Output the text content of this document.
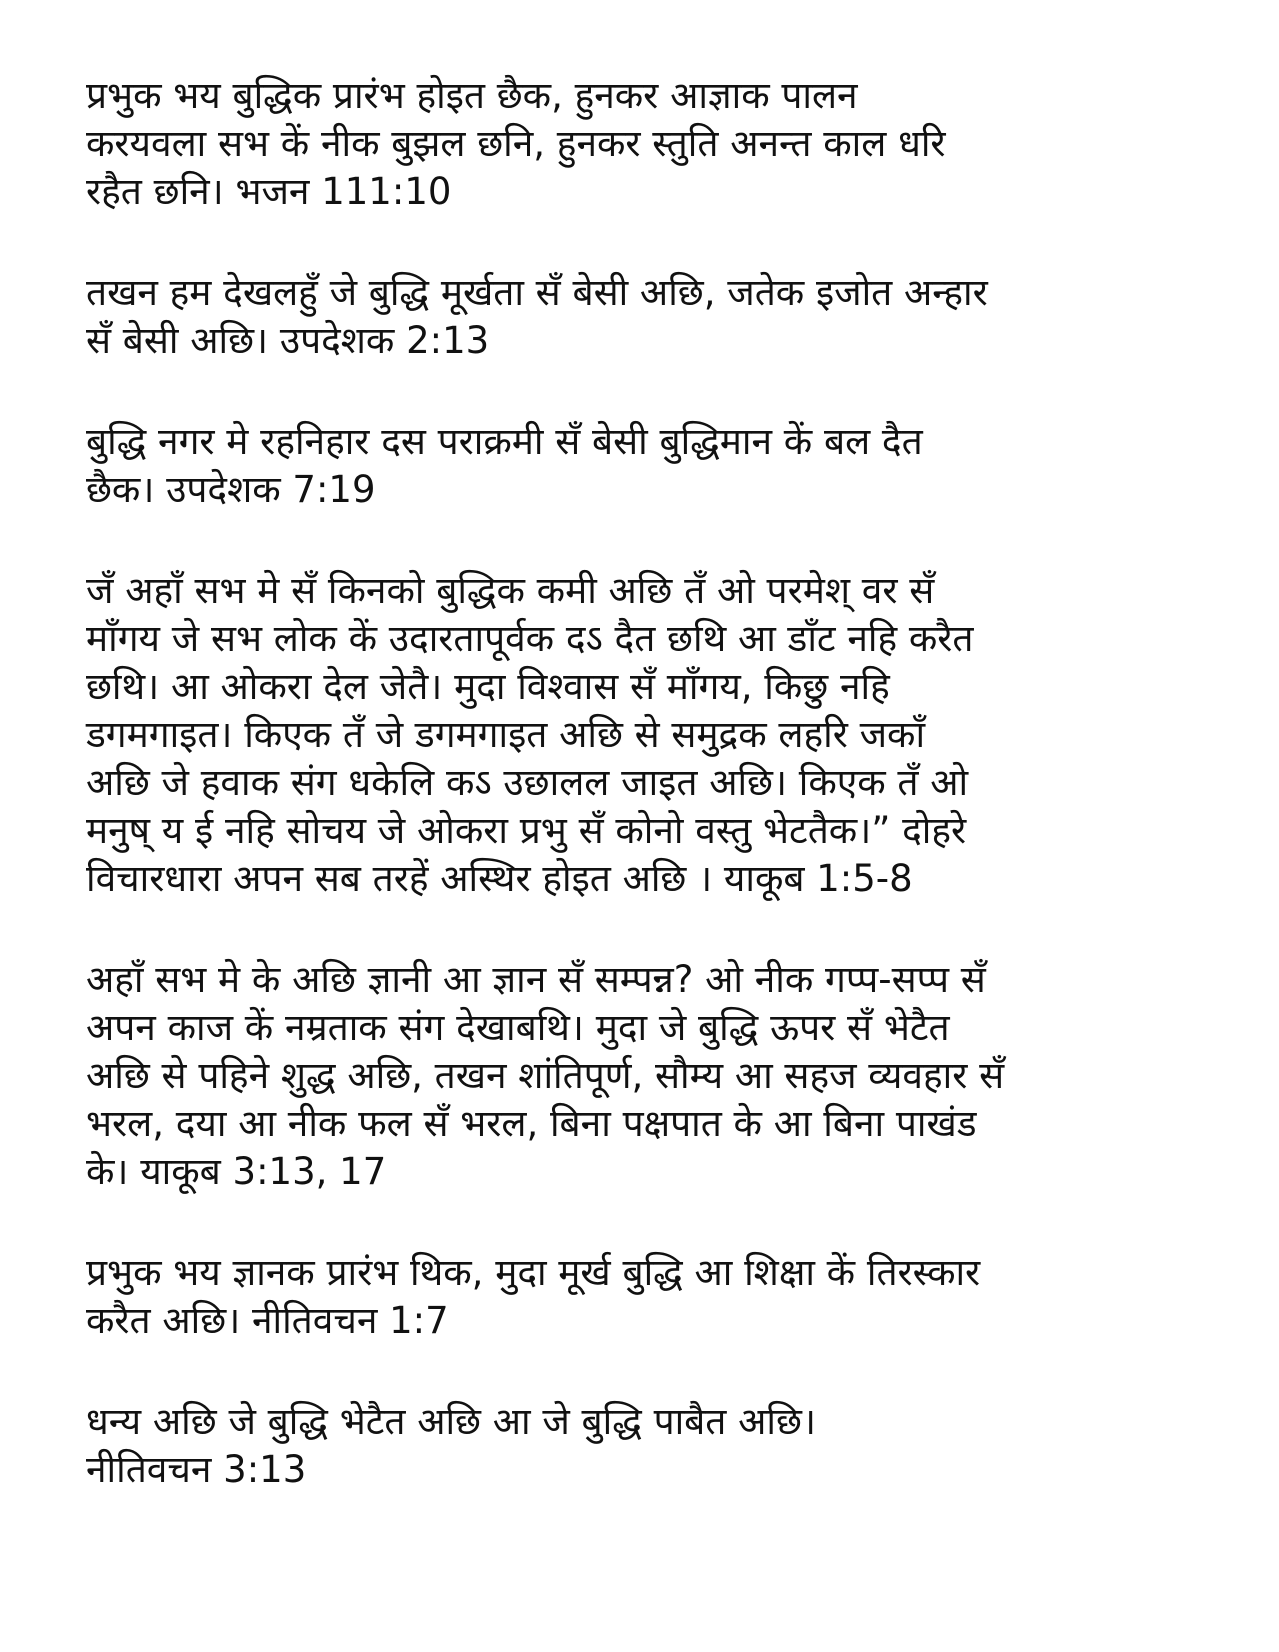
प्रभुक भय बुद्धिक प्रारंभ होइत छैक, हुनकर आज्ञाक पालन
करयवला सभ कें नीक बुझल छनि, हुनकर स्तुति अनन्त काल धरि
रहैत छनि। भजन 111:10

तखन हम देखलहुँ जे बुद्धि मूर्खता सँ बेसी अछि, जतेक इजोत अन्हार
सँ बेसी अछि। उपदेशक 2:13

बुद्धि नगर मे रहनिहार दस पराक्रमी सँ बेसी बुद्धिमान कें बल दैत
छैक। उपदेशक 7:19

जँ अहाँ सभ मे सँ किनको बुद्धिक कमी अछि तँ ओ परमेश् वर सँ
माँगय जे सभ लोक कें उदारतापूर्वक दऽ दैत छथि आ डाँट नहि करैत
छथि। आ ओकरा देल जेतै। मुदा विश्वास सँ माँगय, किछु नहि
डगमगाइत। किएक तँ जे डगमगाइत अछि से समुद्रक लहरि जकाँ
अछि जे हवाक संग धकेलि कऽ उछालल जाइत अछि। किएक तँ ओ
मनुष् य ई नहि सोचय जे ओकरा प्रभु सँ कोनो वस्तु भेटतैक।” दोहरे
विचारधारा अपन सब तरहें अस्थिर होइत अछि । याकूब 1:5-8

अहाँ सभ मे के अछि ज्ञानी आ ज्ञान सँ सम्पन्न? ओ नीक गप्प-सप्प सँ
अपन काज कें नम्रताक संग देखाबथि। मुदा जे बुद्धि ऊपर सँ भेटैत
अछि से पहिने शुद्ध अछि, तखन शांतिपूर्ण, सौम्य आ सहज व्यवहार सँ
भरल, दया आ नीक फल सँ भरल, बिना पक्षपात के आ बिना पाखंड
के। याकूब 3:13, 17

प्रभुक भय ज्ञानक प्रारंभ थिक, मुदा मूर्ख बुद्धि आ शिक्षा कें तिरस्कार
करैत अछि। नीतिवचन 1:7

धन्य अछि जे बुद्धि भेटैत अछि आ जे बुद्धि पाबैत अछि।
नीतिवचन 3:13
